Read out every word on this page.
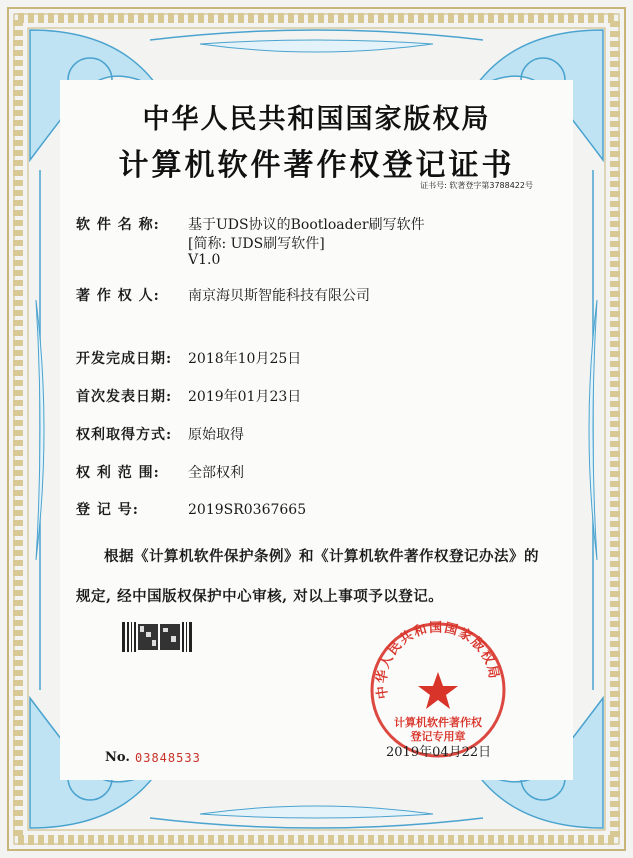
中华人民共和国国家版权局
计算机软件著作权登记证书
证书号: 软著登字第3788422号
软 件 名 称: 基于UDS协议的Bootloader刷写软件
[简称: UDS刷写软件]
V1.0
著 作 权 人: 南京海贝斯智能科技有限公司
开发完成日期: 2018年10月25日
首次发表日期: 2019年01月23日
权利取得方式: 原始取得
权 利 范 围: 全部权利
登 记 号:	2019SR0367665
根据《计算机软件保护条例》和《计算机软件著作权登记办法》的
规定, 经中国版权保护中心审核, 对以上事项予以登记。
No. 03848533
中华人民共和国国家版权局
计算机软件著作权
登记专用章
2019年04月22日
